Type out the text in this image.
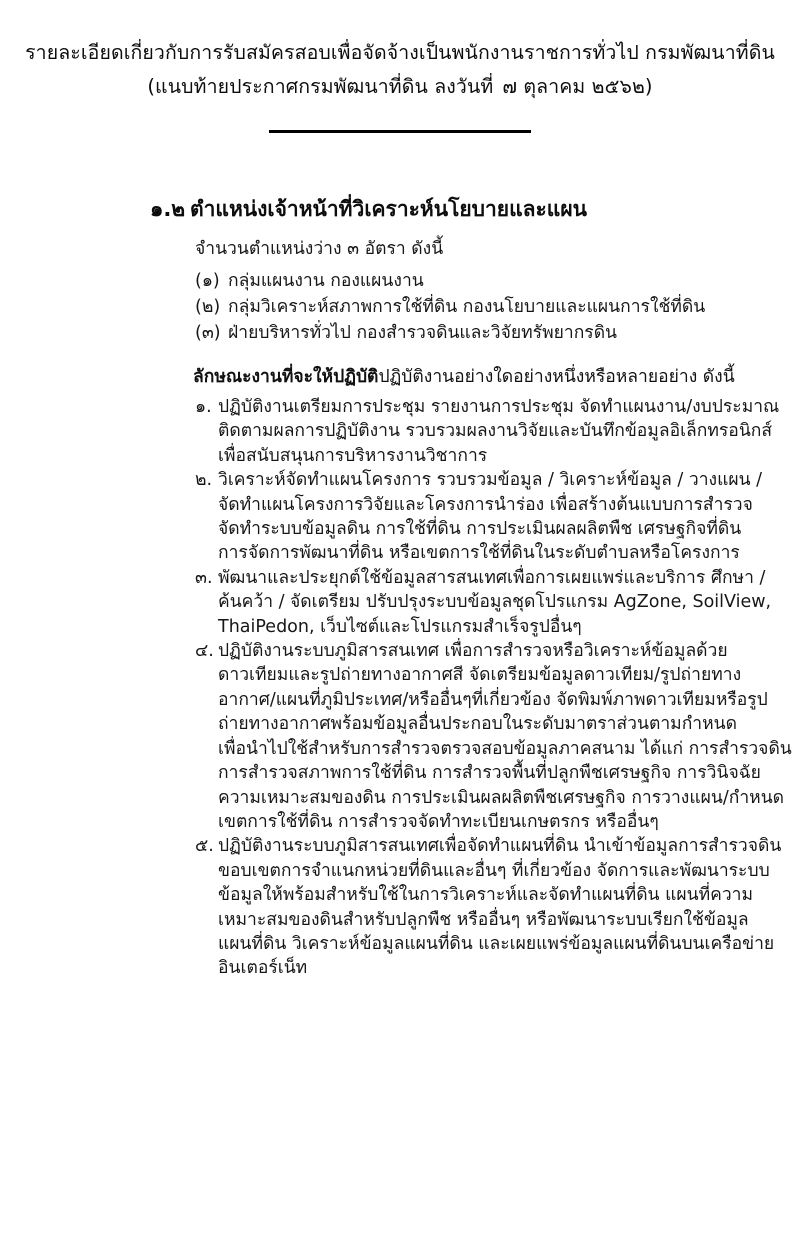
รายละเอียดเกี่ยวกับการรับสมัครสอบเพื่อจัดจ้างเป็นพนักงานราชการทั่วไป กรมพัฒนาที่ดิน
(แนบท้ายประกาศกรมพัฒนาที่ดิน ลงวันที่ ๗ ตุลาคม ๒๕๖๒)
๑.๒ ตำแหน่งเจ้าหน้าที่วิเคราะห์นโยบายและแผน
จำนวนตำแหน่งว่าง ๓ อัตรา ดังนี้
(๑) กลุ่มแผนงาน กองแผนงาน
(๒) กลุ่มวิเคราะห์สภาพการใช้ที่ดิน กองนโยบายและแผนการใช้ที่ดิน
(๓) ฝ่ายบริหารทั่วไป กองสำรวจดินและวิจัยทรัพยากรดิน
ลักษณะงานที่จะให้ปฏิบัติปฏิบัติงานอย่างใดอย่างหนึ่งหรือหลายอย่าง ดังนี้
๑. ปฏิบัติงานเตรียมการประชุม รายงานการประชุม จัดทำแผนงาน/งบประมาณ
ติดตามผลการปฏิบัติงาน รวบรวมผลงานวิจัยและบันทึกข้อมูลอิเล็กทรอนิกส์
เพื่อสนับสนุนการบริหารงานวิชาการ
๒. วิเคราะห์จัดทำแผนโครงการ รวบรวมข้อมูล / วิเคราะห์ข้อมูล / วางแผน /
จัดทำแผนโครงการวิจัยและโครงการนำร่อง เพื่อสร้างต้นแบบการสำรวจ
จัดทำระบบข้อมูลดิน การใช้ที่ดิน การประเมินผลผลิตพืช เศรษฐกิจที่ดิน
การจัดการพัฒนาที่ดิน หรือเขตการใช้ที่ดินในระดับตำบลหรือโครงการ
๓. พัฒนาและประยุกต์ใช้ข้อมูลสารสนเทศเพื่อการเผยแพร่และบริการ ศึกษา /
ค้นคว้า / จัดเตรียม ปรับปรุงระบบข้อมูลชุดโปรแกรม AgZone, SoilView,
ThaiPedon, เว็บไซต์และโปรแกรมสำเร็จรูปอื่นๆ
๔. ปฏิบัติงานระบบภูมิสารสนเทศ เพื่อการสำรวจหรือวิเคราะห์ข้อมูลด้วย
ดาวเทียมและรูปถ่ายทางอากาศสี จัดเตรียมข้อมูลดาวเทียม/รูปถ่ายทาง
อากาศ/แผนที่ภูมิประเทศ/หรืออื่นๆที่เกี่ยวข้อง จัดพิมพ์ภาพดาวเทียมหรือรูป
ถ่ายทางอากาศพร้อมข้อมูลอื่นประกอบในระดับมาตราส่วนตามกำหนด
เพื่อนำไปใช้สำหรับการสำรวจตรวจสอบข้อมูลภาคสนาม ได้แก่ การสำรวจดิน
การสำรวจสภาพการใช้ที่ดิน การสำรวจพื้นที่ปลูกพืชเศรษฐกิจ การวินิจฉัย
ความเหมาะสมของดิน การประเมินผลผลิตพืชเศรษฐกิจ การวางแผน/กำหนด
เขตการใช้ที่ดิน การสำรวจจัดทำทะเบียนเกษตรกร หรืออื่นๆ
๕. ปฏิบัติงานระบบภูมิสารสนเทศเพื่อจัดทำแผนที่ดิน นำเข้าข้อมูลการสำรวจดิน
ขอบเขตการจำแนกหน่วยที่ดินและอื่นๆ ที่เกี่ยวข้อง จัดการและพัฒนาระบบ
ข้อมูลให้พร้อมสำหรับใช้ในการวิเคราะห์และจัดทำแผนที่ดิน แผนที่ความ
เหมาะสมของดินสำหรับปลูกพืช หรืออื่นๆ หรือพัฒนาระบบเรียกใช้ข้อมูล
แผนที่ดิน วิเคราะห์ข้อมูลแผนที่ดิน และเผยแพร่ข้อมูลแผนที่ดินบนเครือข่าย
อินเตอร์เน็ท
